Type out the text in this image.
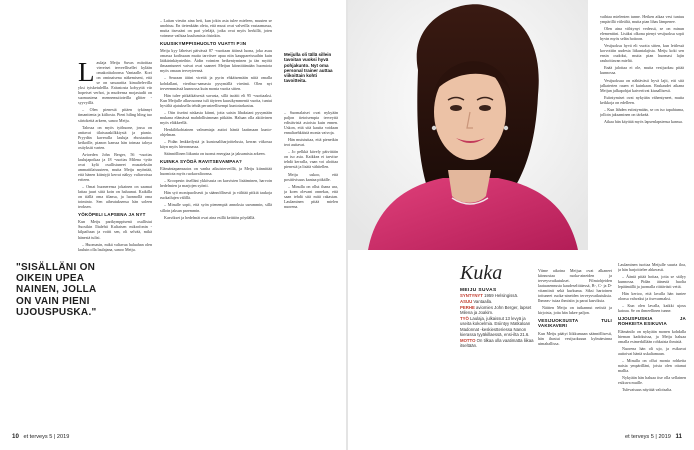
L aulaja Meiju Suvas mitoittaa viereiset terveellisellet kylään omakotitaloonsa Vantaalle. Kori on ominaisena näkemiseni, että se on unsaaritta kimaltelevilla yksi tyisketulellla. Eräastosta kohyyttä vär hopeiset verhot, ja mudrensa mojastudit on suomustena mennemuitoteilla glitter -syyvyillä.

– Olen pienestä pitäen tykännyt timanttenta ja kiiltosta. Pieni hiling hling tuo siirtokettä arkeen, sanoo Meiju.

Talossa on myös työhuone, jossa on anttavat tilaisuuskilkkiystä ja pianio. Pryydän kaveralla lauluja ehostaattoa keikoille, pianon kanssa hän toimaa taloya ostiyksiti varten.

Avioeden John Berger, 56 -vuotias laulujapoikaa ja 18 -vuotias Milena -tytär ovat kylä osallistuneet musaieksiin ammattilaisuuteen, mutta Meiju myöntää, että hänen kiäntyjä kerrat näkyy valtavoissa eriteen.

– Omat huonerensa jokainen on saamat lattaa juuri siitä koin on haluunut. Kaikilla on tiällä oma tilansa, ja luonnollä oma toiminto. Sen aiheutuksensa hän soleen teoksen.

YÖKÖPELI LAPSENA JA NYT

Kun Meiju parikymppisenä osallistui Suosikin Iltalehti Kultaisen mikrofonin -kilpailuun ja voitti sen, oli selvää, mikä hänestä tulisi.

– Huomasin, mikä valtavaa haluahan olen lauluin olla laulajana, sanoo Meiju.

– Laitan viestin aina heti, kun jokin asia tulee mieleen, muuten se unohtuu. En tietenkään oleta, että muut ovat valveilla vastaamassa, mutta itsessäni on pari yöeläjä, jotka ovat myös herkillä, joten voimme vaihtaa kuulumisia öisinkin.

KUUSIKYMPPISHUOLTO VUATTI P:IN

Meiju kyy läheiset päivässä 87 -vuotiaan äitinsä luona, joka asuu omassa kodissaan mutta tarvitsee apua niin kauppareissuihin kuin lääkärinkäynteihin. Äidin voimien heikentyminen ja iän myötä ilmaantuneet vaivat ovat saaneet Meijun kiinnittämään huomiota myös omaan terveyteensä.

– Seuraan äitini vireitä ja pyrin ehkäisemään niitä omalla kohdallani, vierihuo-samasta pysymällä vireänä. Olen nyt terveemmässä kunnossa kuin monta vuotta sitten.

Hän tulee pitkäikäisestä suvusta, sillä isoäiti eli 95 -vuotiaaksi. Kun Meijulle alkuvuonna tuli täyteen kuusikymmentä vuotta, tuntui hyvältä ajatuksella tehdä perusteellisempi kuntotarkastus.

– Otin itseäni niskasta kiinni, jotta saisin lihaksiani pysymään mukana elämässä mahdollisimman pitkään. Haluan olla aktiivinen myös eläkkeellä.

Henkilökohtainen valmentaja auttoi häntä laatimaan kunto-ohjelman.

– Pidän lenkkeilystä ja kuntosaliharjoittelusta, kerran viikossa käyn myös hieronnassa.

Säännöllinen liikunta on tuonut energiaa ja jaksamista arkeen.

KUINKA SYÖDÄ RAVITSEVAMPAA?

Elämäntapamuutos on vanha aikuisterveillä, ja Meiju kiinnittää huomiota myös ruokavalioonsa.

– Kroopesin itselläni ykkösasia on kasvisten lisääminen, harvoin hedelmien ja marjojen syönti.

Hän syö monipuolisesti ja säännöllisesti ja välttää pitkiä taukoja ruokailujen välillä.

– Minulle sopii, että syön pienempiä annoksia useammin, sillä silloin jaksan paremmin.

Kasvikset ja hedelmät ovat aina esillä keittiön pöydällä.

– Suomalaiset ovat nykyään paljon tietoisempia terveyttä edistävistä asioista kuin ennen. Uskon, että sitä kautta voidaan ennaltaehkäistä monia vaivoja.

Hän muistuttaa, että pienetkin teot auttavat.

– Jo pelkkä kävely päivittäin on iso asia. Kaikkea ei tarvitse tehdä kerralla, vaan voi aloittaa pienestä ja lisätä vähitellen.

Meiju uskoo, että positiivisuus kantaa pitkälle.

– Minulla on ollut ihana ura, ja koen olevani onnekas, että saan tehdä sitä mitä rakastan. Laulaminen pitää mielen nuorena.

Meijulla oli tällä sillein tavoitan vuoksi hyvä pohjakunto. Nyt oma personal trainer auttaa viikoittain kohti tavoitteita.
"SISÄLLÄNI ON
OIKEIN UPEA
NAINEN, JOLLA
ON VAIN PIENI
UJOUSPUSKA."
10 et terveys 5 | 2019
Kuka
MEIJU SUVAS
SYNTYNYT 1959 Helsingissä.
ASUU Vantaalla.
PERHE aviomies John Berger, lapset Milena ja Joakim.
TYÖ Laulaja, julkaissut 13 levyä ja useita kokoelmia. Esiintyy Matkaloan Madonnat -keskiestteriessa Nanon kierassa tyyäkillaessä, ensi-ilta 21.6.
MOTTO On tilkaa olla vaatimatta liikaa itseltään.

Viime aikoina Meijua ovat alkaneet kiinnostaa ruoka-aineiden ja terveysvaikutukset. Filmiohjeiden laatuasennusta kaudeselittäessä, B-, C- ja D-vitamiinit sekä kurkuma. Siksi hartoinen tottuneet ruoka-aineiden terveysvaikutuksia. Ihmeas- tuiaa ihmisiin ja parat kasviksia.

Näitten Meiju on tutkannut netistä ja kirjoista, joita hän lukee paljon.

VESIJUOKSUSTA TULI VAKIKAVERI

Kun Meiju päätyi liikkumaan säännöllisesti, hän ihastui vesijuoksuun kylmäesinna uimahallissa.

vaihtaa mielenten tunne. Hetken aikaa vesi tuntuu ympärillä viileältä, mutta pian lihas lämpenee.

Olen aina viihtynyt vedessä, se on minun elementtini. Lisäksi olkona pienyt vesijuoksu sopii hyvin myös selän hoitoon.

Vesijuoksu hyvä eli vuotta sitten, kun lettlessä korvottiin uudesta liikuntalajista. Meiju koki sen ensin oudoksi, mutta pian huomasi lajin rauhoittavan mieltä.

Enää jalottaa ei ole, mutta vesijuoksu pitää kunnossa.

Vesijuoksua on nähtävästi hyvä lajit, etti sitä jalkaterien rauen ei kuinkaan. Raskaudet aikana Meijun jalkapohjat kaivertivat kiusallisesti.

Esiintymiset ovat nykyään vähentyneet, mutta keikkoja on edelleen.

– Kun lähden esiintymään, se on iso tapahtuma, jolloin jaksaminen on tärkeää.

Aikaa hän käyttää myös lapsenlapsiensa kanssa.

Laulaminen tuottaa Meijulle suurta iloa, ja hän harjoittelee ahkerasti.

– Ääntä pitää hoitaa, jotta se säilyy kunnossa. Pidän äänestä huolta lepäämällä ja juomalla riittävästi vettä.

Hän kertoo, että lavalla hän tuntee olonsa vahvaksi ja itsevarmaksi.

– Kun olen lavalla, kaikki ujous katoaa. Se on ihmeellinen tunne.

UJOUSPUSKIA JA ROHKEITA ESIKUVIA

Elämänilo on nykyään monen kohdalla hieman kadoksissa, ja Meiju haluaa omalla esimerkillään rohkaista ihmisiä.

Nuorena hän oli ujo, ja esikuvat auttoivat häntä uskaltamaan.

– Minulla on ollut monia rohkeita naisia ympärilläni, joista olen ottanut mallia.

Nykyään hän haluaa itse olla sellainen esikuva muille.

Tulevaisuus näyttää valoisalta.

et terveys 5 | 2019 11
